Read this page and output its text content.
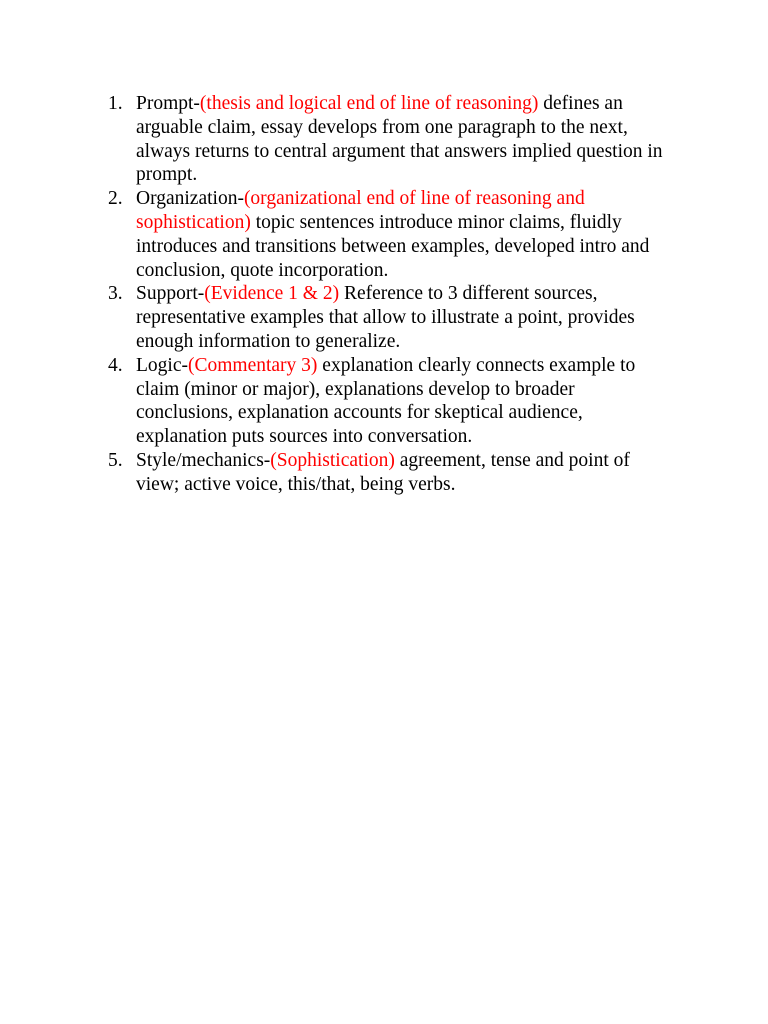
1. Prompt-(thesis and logical end of line of reasoning) defines an arguable claim, essay develops from one paragraph to the next, always returns to central argument that answers implied question in prompt.
2. Organization-(organizational end of line of reasoning and sophistication) topic sentences introduce minor claims, fluidly introduces and transitions between examples, developed intro and conclusion, quote incorporation.
3. Support-(Evidence 1 & 2) Reference to 3 different sources, representative examples that allow to illustrate a point, provides enough information to generalize.
4. Logic-(Commentary 3) explanation clearly connects example to claim (minor or major), explanations develop to broader conclusions, explanation accounts for skeptical audience, explanation puts sources into conversation.
5. Style/mechanics-(Sophistication) agreement, tense and point of view; active voice, this/that, being verbs.
